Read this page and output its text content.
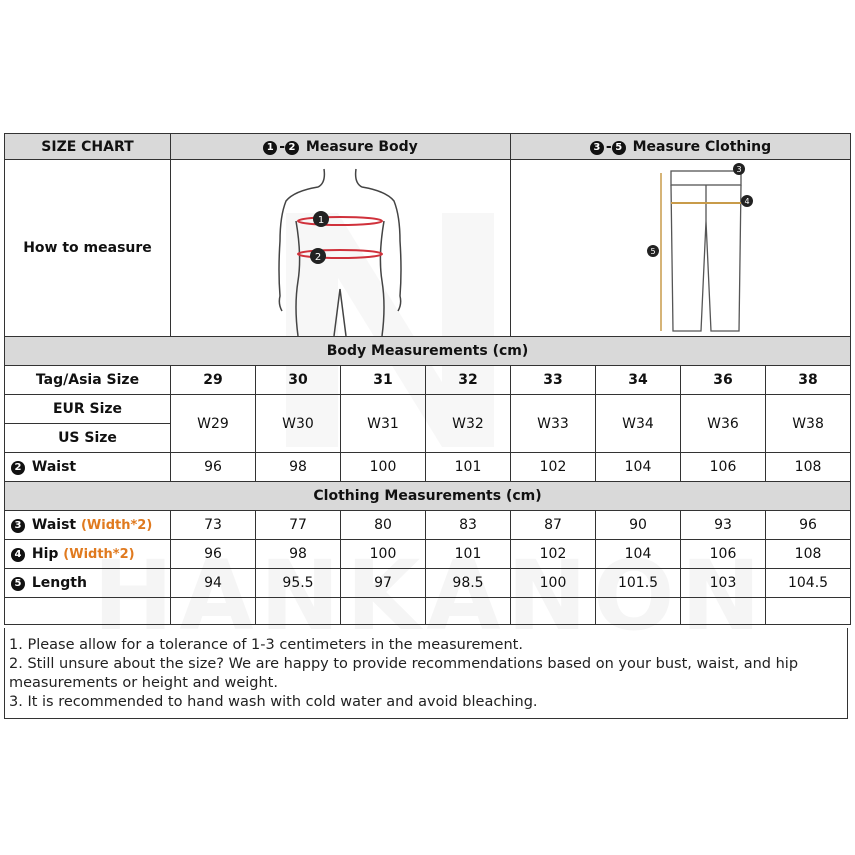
SIZE CHART	1 - 2 Measure Body				3 - 5 Measure Clothing			
How to measure	1
2				3
4
5			

Body Measurements (cm)								
Tag/Asia Size	29	30	31	32	33	34	36	38
EUR Size	W29	W30	W31	W32	W33	W34	W36	W38
US Size								
2 Waist	96	98	100	101	102	104	106	108
Clothing Measurements (cm)								
3 Waist (Width*2)	73	77	80	83	87	90	93	96
4 Hip (Width*2)	96	98	100	101	102	104	106	108
5 Length	94	95.5	97	98.5	100	101.5	103	104.5

1. Please allow for a tolerance of 1-3 centimeters in the measurement.
2. Still unsure about the size? We are happy to provide recommendations based on your bust, waist, and hip measurements or height and weight.
3. It is recommended to hand wash with cold water and avoid bleaching.
